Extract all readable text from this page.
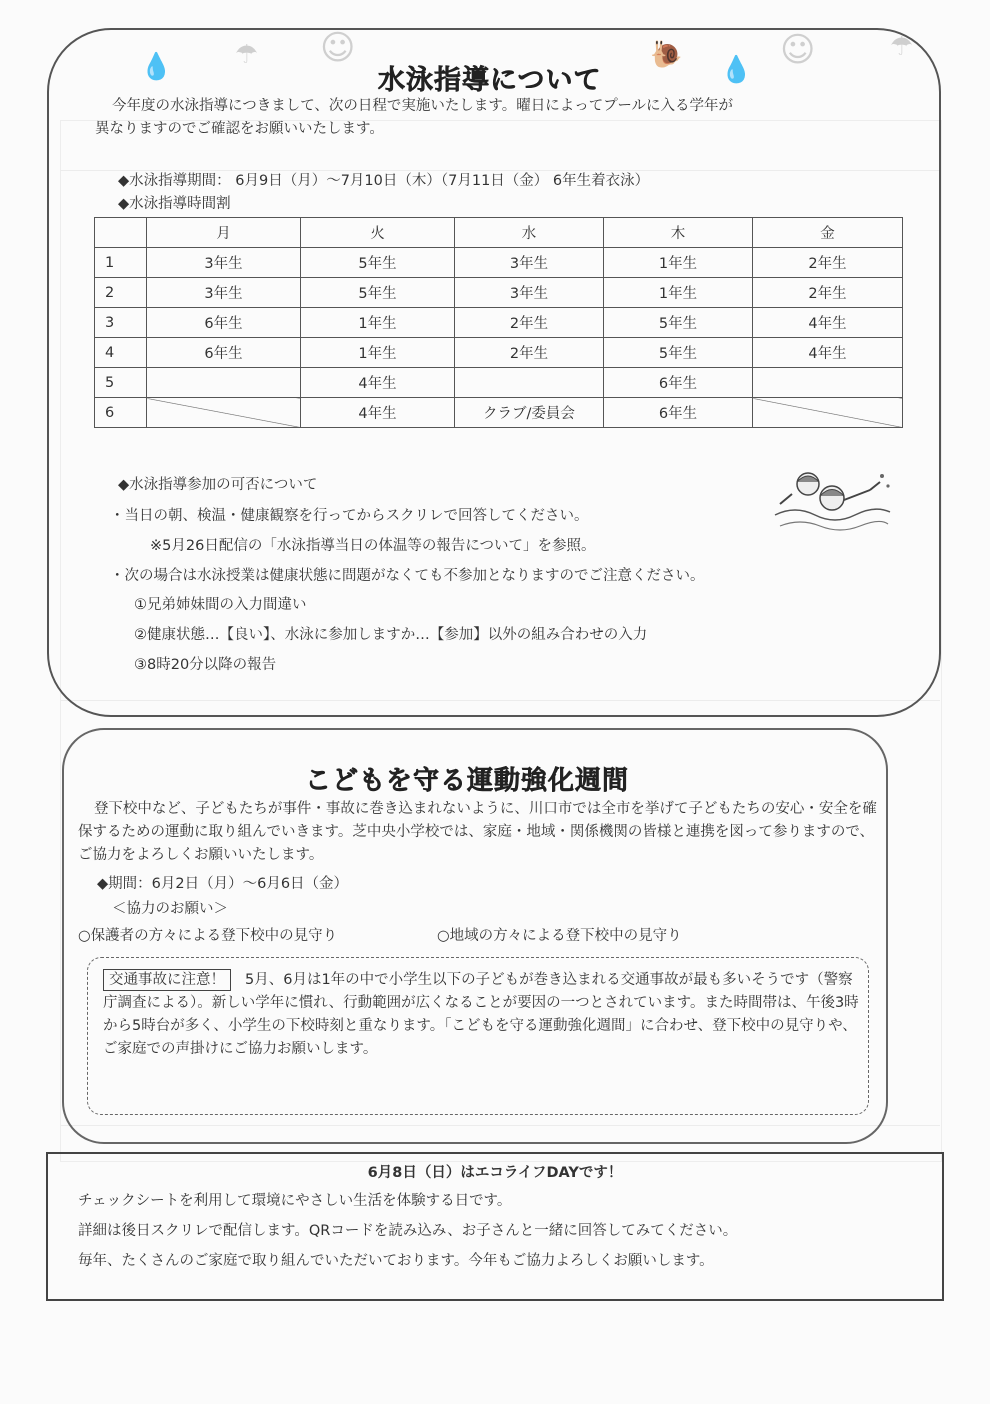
💧 ☂ ☺	🐌 💧 ☺	☂
水泳指導について
今年度の水泳指導につきまして、次の日程で実施いたします。曜日によってプールに入る学年が
異なりますのでご確認をお願いいたします。
◆水泳指導期間： 6月9日（月）～7月10日（木）（7月11日（金） 6年生着衣泳）
◆水泳指導時間割
	月	火	水	木	金
1	3年生	5年生	3年生	1年生	2年生
2	3年生	5年生	3年生	1年生	2年生
3	6年生	1年生	2年生	5年生	4年生
4	6年生	1年生	2年生	5年生	4年生
5		4年生		6年生	
6		4年生	クラブ/委員会	6年生	
◆水泳指導参加の可否について
・当日の朝、検温・健康観察を行ってからスクリレで回答してください。
※5月26日配信の「水泳指導当日の体温等の報告について」を参照。
・次の場合は水泳授業は健康状態に問題がなくても不参加となりますのでご注意ください。
①兄弟姉妹間の入力間違い
②健康状態…【良い】、水泳に参加しますか…【参加】以外の組み合わせの入力
③8時20分以降の報告
こどもを守る運動強化週間
登下校中など、子どもたちが事件・事故に巻き込まれないように、川口市では全市を挙げて子どもたちの安心・安全を確保するための運動に取り組んでいきます。芝中央小学校では、家庭・地域・関係機関の皆様と連携を図って参りますので、ご協力をよろしくお願いいたします。
◆期間：6月2日（月）～6月6日（金）
＜協力のお願い＞
○保護者の方々による登下校中の見守り	○地域の方々による登下校中の見守り
交通事故に注意！ 5月、6月は1年の中で小学生以下の子どもが巻き込まれる交通事故が最も多いそうです（警察庁調査による）。新しい学年に慣れ、行動範囲が広くなることが要因の一つとされています。また時間帯は、午後3時から5時台が多く、小学生の下校時刻と重なります。「こどもを守る運動強化週間」に合わせ、登下校中の見守りや、ご家庭での声掛けにご協力お願いします。
6月8日（日）はエコライフDAYです！
チェックシートを利用して環境にやさしい生活を体験する日です。
詳細は後日スクリレで配信します。QRコードを読み込み、お子さんと一緒に回答してみてください。
毎年、たくさんのご家庭で取り組んでいただいております。今年もご協力よろしくお願いします。
